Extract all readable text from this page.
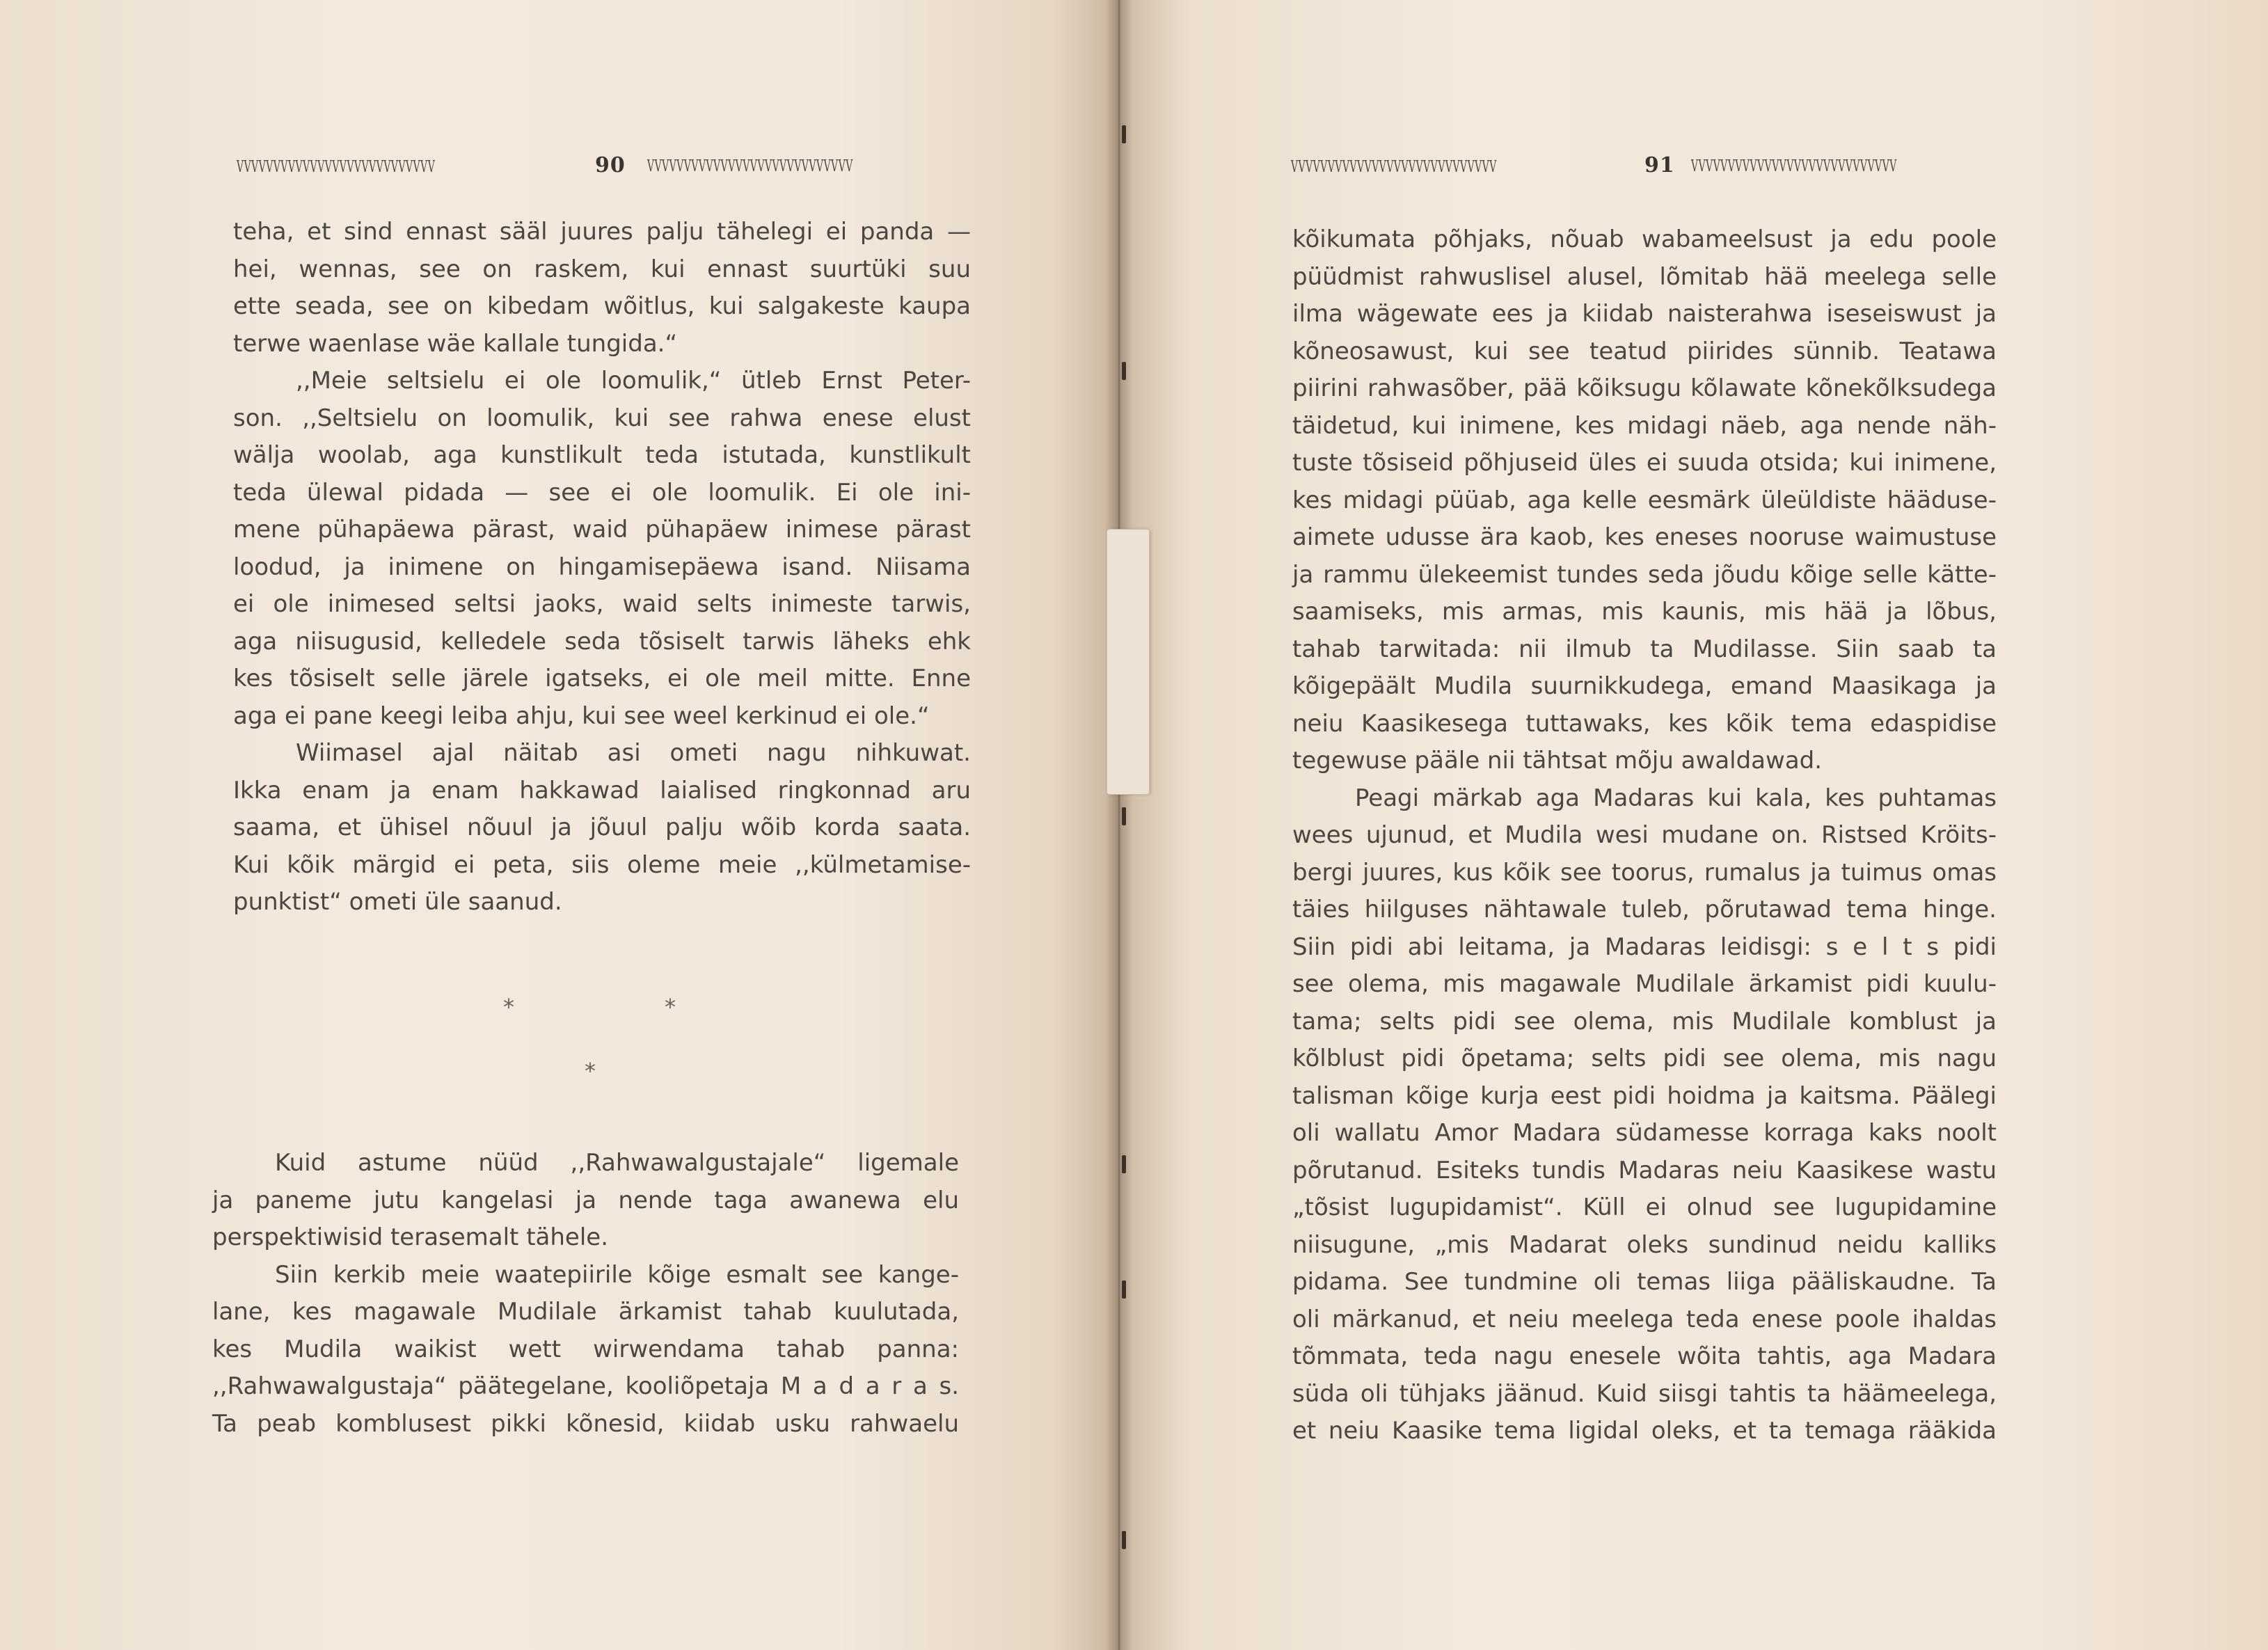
VVVVVVVVVVVVVVVVVVVVVVVVVVV	90 VVVVVVVVVVVVVVVVVVVVVVVVVVVV
teha, et sind ennast sääl juures palju tähelegi ei panda —
hei, wennas, see on raskem, kui ennast suurtüki suu
ette seada, see on kibedam wõitlus, kui salgakeste kaupa
terwe waenlase wäe kallale tungida.“
,,Meie seltsielu ei ole loomulik,“ ütleb Ernst Peter-
son. ,,Seltsielu on loomulik, kui see rahwa enese elust
wälja woolab, aga kunstlikult teda istutada, kunstlikult
teda ülewal pidada — see ei ole loomulik. Ei ole ini-
mene pühapäewa pärast, waid pühapäew inimese pärast
loodud, ja inimene on hingamisepäewa isand. Niisama
ei ole inimesed seltsi jaoks, waid selts inimeste tarwis,
aga niisugusid, kelledele seda tõsiselt tarwis läheks ehk
kes tõsiselt selle järele igatseks, ei ole meil mitte. Enne
aga ei pane keegi leiba ahju, kui see weel kerkinud ei ole.“
Wiimasel ajal näitab asi ometi nagu nihkuwat.
Ikka enam ja enam hakkawad laialised ringkonnad aru
saama, et ühisel nõuul ja jõuul palju wõib korda saata.
Kui kõik märgid ei peta, siis oleme meie ,,külmetamise-
punktist“ ometi üle saanud.
*	*
*
Kuid astume nüüd ,,Rahwawalgustajale“ ligemale
ja paneme jutu kangelasi ja nende taga awanewa elu
perspektiwisid terasemalt tähele.
Siin kerkib meie waatepiirile kõige esmalt see kange-
lane, kes magawale Mudilale ärkamist tahab kuulutada,
kes Mudila waikist wett wirwendama tahab panna:
,,Rahwawalgustaja“ päätegelane, kooliõpetaja M a d a r a s.
Ta peab komblusest pikki kõnesid, kiidab usku rahwaelu
VVVVVVVVVVVVVVVVVVVVVVVVVVVV	91 VVVVVVVVVVVVVVVVVVVVVVVVVVVV
kõikumata põhjaks, nõuab wabameelsust ja edu poole
püüdmist rahwuslisel alusel, lõmitab hää meelega selle
ilma wägewate ees ja kiidab naisterahwa iseseiswust ja
kõneosawust, kui see teatud piirides sünnib. Teatawa
piirini rahwasõber, pää kõiksugu kõlawate kõnekõlksudega
täidetud, kui inimene, kes midagi näeb, aga nende näh-
tuste tõsiseid põhjuseid üles ei suuda otsida; kui inimene,
kes midagi püüab, aga kelle eesmärk üleüldiste hääduse-
aimete udusse ära kaob, kes eneses nooruse waimustuse
ja rammu ülekeemist tundes seda jõudu kõige selle kätte-
saamiseks, mis armas, mis kaunis, mis hää ja lõbus,
tahab tarwitada: nii ilmub ta Mudilasse. Siin saab ta
kõigepäält Mudila suurnikkudega, emand Maasikaga ja
neiu Kaasikesega tuttawaks, kes kõik tema edaspidise
tegewuse pääle nii tähtsat mõju awaldawad.
Peagi märkab aga Madaras kui kala, kes puhtamas
wees ujunud, et Mudila wesi mudane on. Ristsed Kröits-
bergi juures, kus kõik see toorus, rumalus ja tuimus omas
täies hiilguses nähtawale tuleb, põrutawad tema hinge.
Siin pidi abi leitama, ja Madaras leidisgi: s e l t s pidi
see olema, mis magawale Mudilale ärkamist pidi kuulu-
tama; selts pidi see olema, mis Mudilale komblust ja
kõlblust pidi õpetama; selts pidi see olema, mis nagu
talisman kõige kurja eest pidi hoidma ja kaitsma. Päälegi
oli wallatu Amor Madara südamesse korraga kaks noolt
põrutanud. Esiteks tundis Madaras neiu Kaasikese wastu
„tõsist lugupidamist“. Küll ei olnud see lugupidamine
niisugune, „mis Madarat oleks sundinud neidu kalliks
pidama. See tundmine oli temas liiga pääliskaudne. Ta
oli märkanud, et neiu meelega teda enese poole ihaldas
tõmmata, teda nagu enesele wõita tahtis, aga Madara
süda oli tühjaks jäänud. Kuid siisgi tahtis ta häämeelega,
et neiu Kaasike tema ligidal oleks, et ta temaga rääkida
